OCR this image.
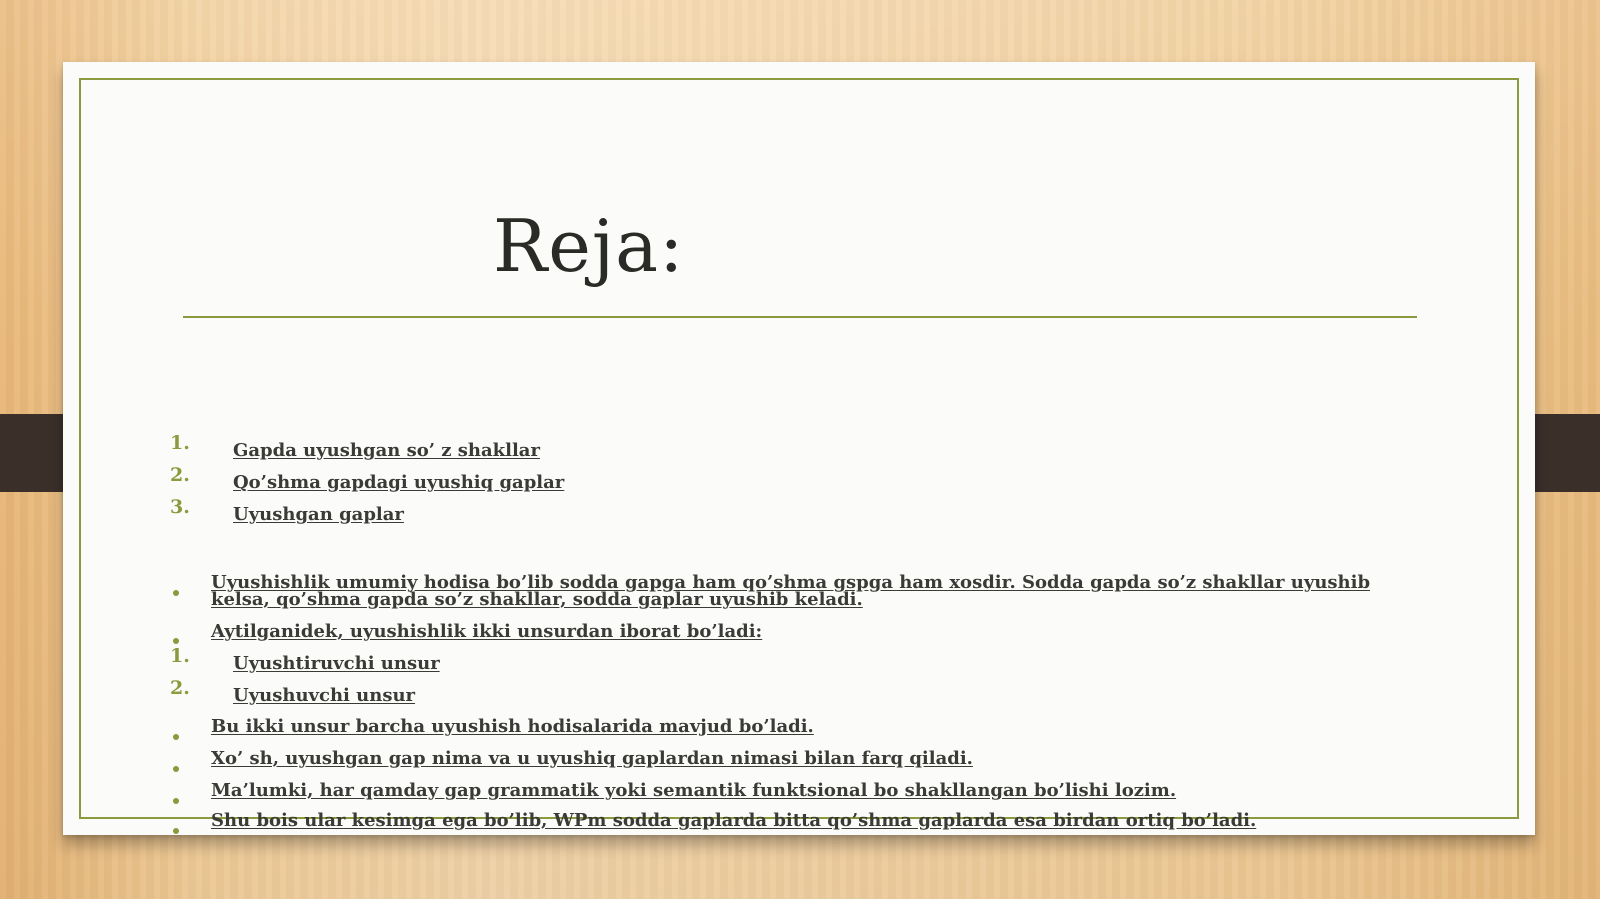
Reja:
1. Gapda uyushgan so’ z shakllar
2. Qo’shma gapdagi uyushiq gaplar
3. Uyushgan gaplar
Uyushishlik umumiy hodisa bo’lib sodda gapga ham qo’shma gspga ham xosdir. Sodda gapda so’z shakllar uyushib kelsa, qo’shma gapda so’z shakllar, sodda gaplar uyushib keladi.
Aytilganidek, uyushishlik ikki unsurdan iborat bo’ladi:
1. Uyushtiruvchi unsur
2. Uyushuvchi unsur
Bu ikki unsur barcha uyushish hodisalarida mavjud bo’ladi.
Xo’ sh, uyushgan gap nima va u uyushiq gaplardan nimasi bilan farq qiladi.
Ma’lumki, har qamday gap grammatik yoki semantik funktsional bo shakllangan bo’lishi lozim.
Shu bois ular kesimga ega bo’lib, WPm sodda gaplarda bitta qo’shma gaplarda esa birdan ortiq bo’ladi.
